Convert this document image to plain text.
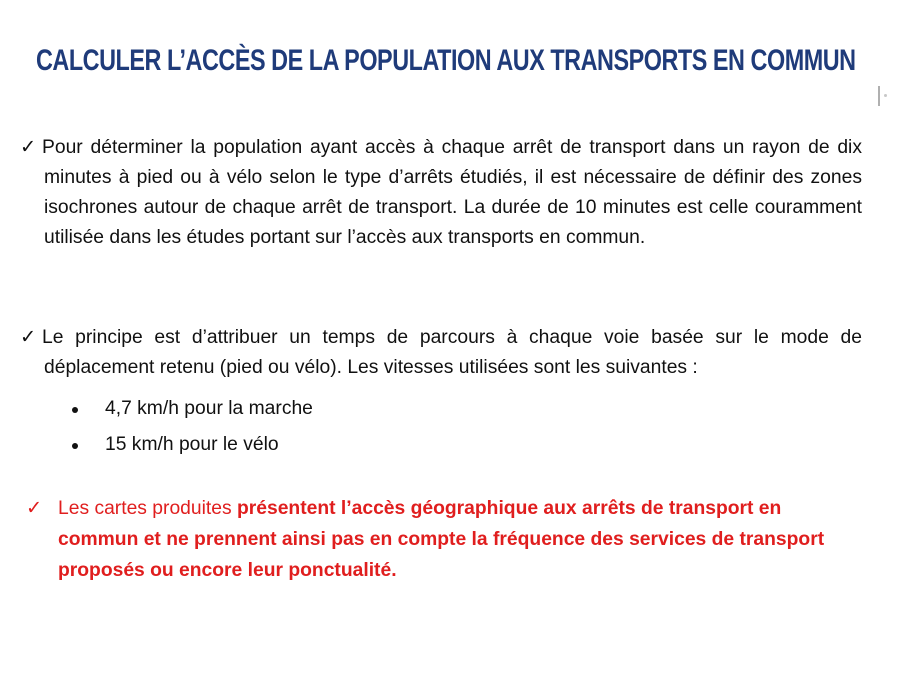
CALCULER L’ACCÈS DE LA POPULATION AUX TRANSPORTS EN COMMUN
✓ Pour déterminer la population ayant accès à chaque arrêt de transport dans un rayon de dix minutes à pied ou à vélo selon le type d’arrêts étudiés, il est nécessaire de définir des zones isochrones autour de chaque arrêt de transport. La durée de 10 minutes est celle couramment utilisée dans les études portant sur l’accès aux transports en commun.
✓ Le principe est d’attribuer un temps de parcours à chaque voie basée sur le mode de déplacement retenu (pied ou vélo). Les vitesses utilisées sont les suivantes :
4,7 km/h pour la marche
15 km/h pour le vélo
✓ Les cartes produites présentent l’accès géographique aux arrêts de transport en commun et ne prennent ainsi pas en compte la fréquence des services de transport proposés ou encore leur ponctualité.
